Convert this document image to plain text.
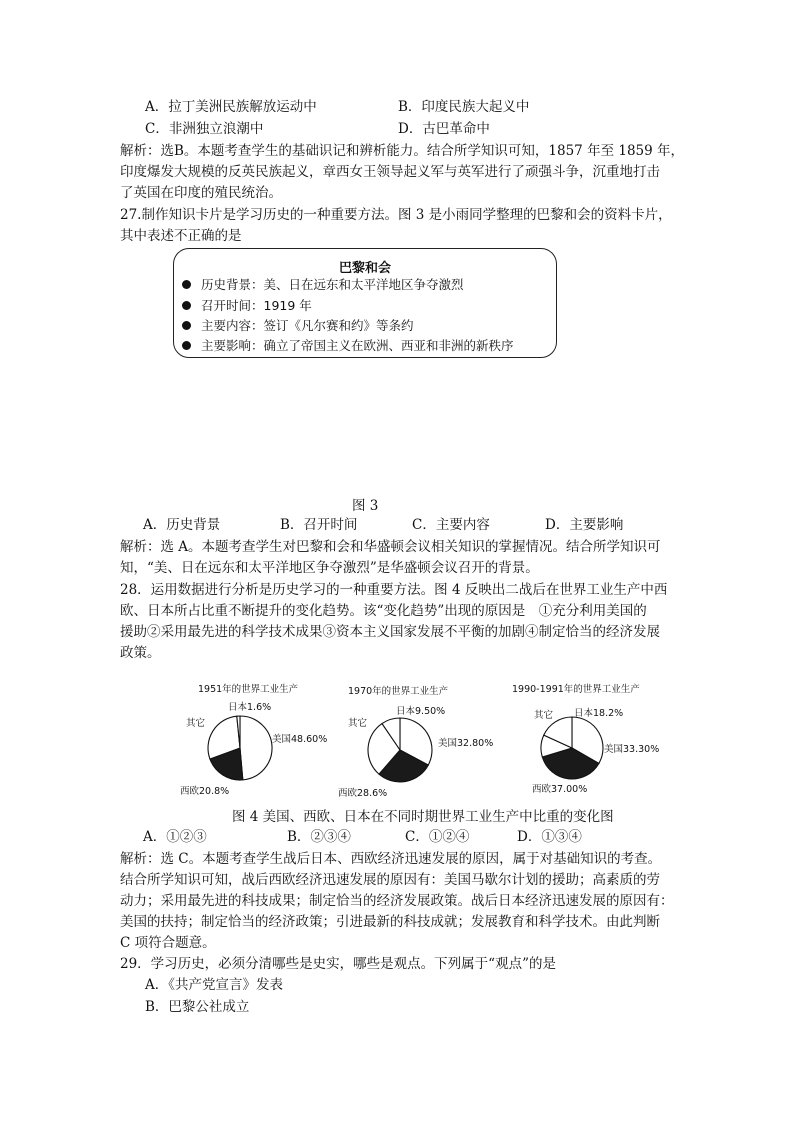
A．拉丁美洲民族解放运动中	B．印度民族大起义中
C．非洲独立浪潮中	D．古巴革命中
解析：选B。本题考查学生的基础识记和辨析能力。结合所学知识可知，1857 年至 1859 年，
印度爆发大规模的反英民族起义，章西女王领导起义军与英军进行了顽强斗争，沉重地打击
了英国在印度的殖民统治。
27.制作知识卡片是学习历史的一种重要方法。图 3 是小雨同学整理的巴黎和会的资料卡片，
其中表述不正确的是
巴黎和会
历史背景：美、日在远东和太平洋地区争夺激烈
召开时间：1919 年
主要内容：签订《凡尔赛和约》等条约
主要影响：确立了帝国主义在欧洲、西亚和非洲的新秩序
图 3
A．历史背景	B．召开时间	C．主要内容	D．主要影响
解析：选 A。本题考查学生对巴黎和会和华盛顿会议相关知识的掌握情况。结合所学知识可
知，“美、日在远东和太平洋地区争夺激烈”是华盛顿会议召开的背景。
28．运用数据进行分析是历史学习的一种重要方法。图 4 反映出二战后在世界工业生产中西
欧、日本所占比重不断提升的变化趋势。该“变化趋势”出现的原因是　①充分利用美国的
援助②采用最先进的科学技术成果③资本主义国家发展不平衡的加剧④制定恰当的经济发展
政策。
1951年的世界工业生产
美国48.60%
西欧20.8%
其它
日本1.6%
1970年的世界工业生产
美国32.80%
西欧28.6%
其它
日本9.50%
1990-1991年的世界工业生产
美国33.30%
西欧37.00%
其它 日本18.2%
图 4 美国、西欧、日本在不同时期世界工业生产中比重的变化图
A．①②③	B．②③④	C．①②④	D．①③④
解析：选 C。本题考查学生战后日本、西欧经济迅速发展的原因，属于对基础知识的考查。
结合所学知识可知，战后西欧经济迅速发展的原因有：美国马歇尔计划的援助；高素质的劳
动力；采用最先进的科技成果；制定恰当的经济发展政策。战后日本经济迅速发展的原因有：
美国的扶持；制定恰当的经济政策；引进最新的科技成就；发展教育和科学技术。由此判断
C 项符合题意。
29．学习历史，必须分清哪些是史实，哪些是观点。下列属于“观点”的是
A．《共产党宣言》发表
B．巴黎公社成立
